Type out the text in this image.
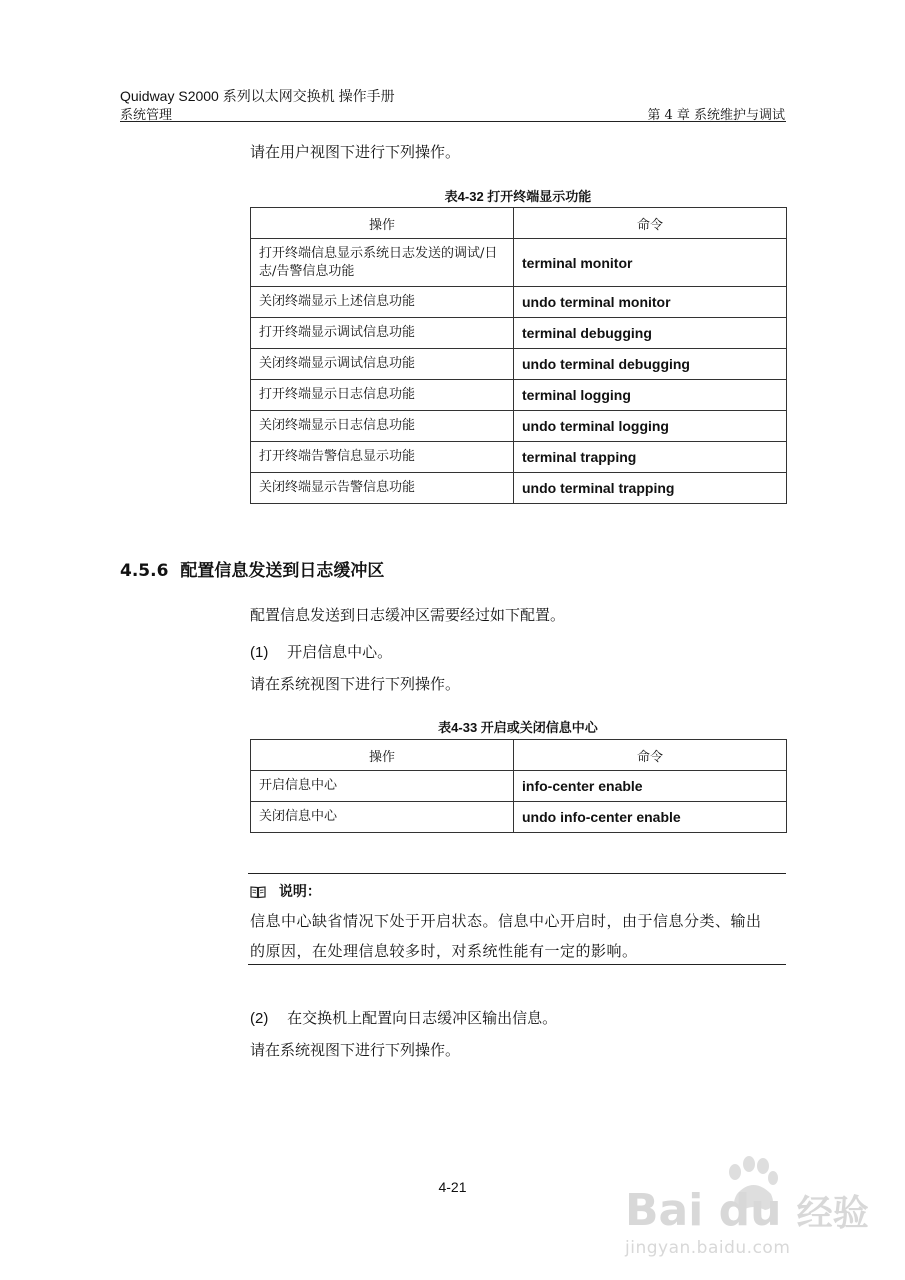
Quidway S2000 系列以太网交换机 操作手册
系统管理	第 4 章 系统维护与调试
请在用户视图下进行下列操作。
表4-32 打开终端显示功能
操作	命令
打开终端信息显示系统日志发送的调试/日志/告警信息功能	terminal monitor
关闭终端显示上述信息功能	undo terminal monitor
打开终端显示调试信息功能	terminal debugging
关闭终端显示调试信息功能	undo terminal debugging
打开终端显示日志信息功能	terminal logging
关闭终端显示日志信息功能	undo terminal logging
打开终端告警信息显示功能	terminal trapping
关闭终端显示告警信息功能	undo terminal trapping
4.5.6 配置信息发送到日志缓冲区
配置信息发送到日志缓冲区需要经过如下配置。
(1) 开启信息中心。
请在系统视图下进行下列操作。
表4-33 开启或关闭信息中心
操作	命令
开启信息中心	info-center enable
关闭信息中心	undo info-center enable
说明：
信息中心缺省情况下处于开启状态。信息中心开启时，由于信息分类、输出
的原因，在处理信息较多时，对系统性能有一定的影响。
(2) 在交换机上配置向日志缓冲区输出信息。
请在系统视图下进行下列操作。
4-21	Bai du 经验
jingyan.baidu.com
